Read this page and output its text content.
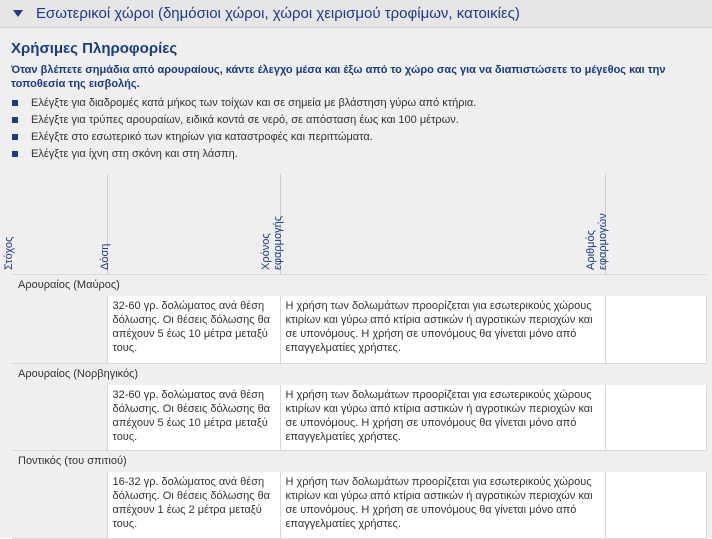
Εσωτερικοί χώροι (δημόσιοι χώροι, χώροι χειρισμού τροφίμων, κατοικίες)
Χρήσιμες Πληροφορίες
Όταν βλέπετε σημάδια από αρουραίους, κάντε έλεγχο μέσα και έξω από το χώρο σας για να διαπιστώσετε το μέγεθος και την τοποθεσία της εισβολής.
Ελέγξτε για διαδρομές κατά μήκος των τοίχων και σε σημεία με βλάστηση γύρω από κτήρια.
Ελέγξτε για τρύπες αρουραίων, ειδικά κοντά σε νερό, σε απόσταση έως και 100 μέτρων.
Ελέγξτε στο εσωτερικό των κτηρίων για καταστροφές και περιττώματα.
Ελέγξτε για ίχνη στη σκόνη και στη λάσπη.
Στόχος	Δόση	Χρόνος εφαρμογής	Αριθμός εφαρμογών

Αρουραίος (Μαύρος)			

	32-60 γρ. δολώματος ανά θέση δόλωσης. Οι θέσεις δόλωσης θα απέχουν 5 έως 10 μέτρα μεταξύ τους.	Η χρήση των δολωμάτων προορίζεται για εσωτερικούς χώρους κτιρίων και γύρω από κτίρια αστικών ή αγροτικών περιοχών και σε υπονόμους. Η χρήση σε υπονόμους θα γίνεται μόνο από επαγγελματίες χρήστες.	

Αρουραίος (Νορβηγικός)			

	32-60 γρ. δολώματος ανά θέση δόλωσης. Οι θέσεις δόλωσης θα απέχουν 5 έως 10 μέτρα μεταξύ τους.	Η χρήση των δολωμάτων προορίζεται για εσωτερικούς χώρους κτιρίων και γύρω από κτίρια αστικών ή αγροτικών περιοχών και σε υπονόμους. Η χρήση σε υπονόμους θα γίνεται μόνο από επαγγελματίες χρήστες.	

Ποντικός (του σπιτιού)			

	16-32 γρ. δολώματος ανά θέση δόλωσης. Οι θέσεις δόλωσης θα απέχουν 1 έως 2 μέτρα μεταξύ τους.	Η χρήση των δολωμάτων προορίζεται για εσωτερικούς χώρους κτιρίων και γύρω από κτίρια αστικών ή αγροτικών περιοχών και σε υπονόμους. Η χρήση σε υπονόμους θα γίνεται μόνο από επαγγελματίες χρήστες.	
